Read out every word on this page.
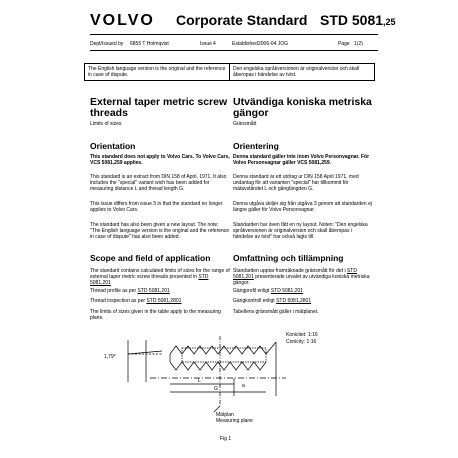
VOLVO Corporate Standard STD 5081,25
Dept/Issued by 6855 T Holmqvist	Issue 4	Established 2006-04 JOG	Page 1(2)
The English language version is the original and the reference in case of dispute.
Den engelska språkversionen är originalversion och skall åberopas i händelse av tvist.
External taper metric screw threads
Limits of sizes
Orientation
This standard does not apply to Volvo Cars. To Volvo Cars, VCS 5081,259 applies.
This standard is an extract from DIN 158 of April, 1971. It also includes the "special" variant wich has been added for measuring distance L and thread length G.
This issue differs from issue 3 in that the standard no longer applies to Volvo Cars.
The standard has also been given a new layout. The note: "The English language version is the original and the reference in case of dispute" has also been added.
Scope and field of application
The standard contains calculated limits of sizes for the range of external taper metric screw threads presented in STD 5081,201
Thread profile as per STD 5081,201
Thread inspection as per STD 5081,2801
The limits of sizes given in the table apply to the measuring plane.
Utvändiga koniska metriska gängor
Gränsmått
Orientering
Denna standard gäller inte inom Volvo Personvagnar. För Volvo Personvagnar gäller VCS 5081,259.
Denna standard är ett utdrag ur DIN 158 April 1971, med undantag för att varianten "special" har tillkommit för mätavståndet L och gänglängden G.
Denna utgåva skiljer sig från utgåva 3 genom att standarden ej längre gäller för Volvo Personvagnar.
Standarden har även fått en ny layout. Noten: "Den engelska språkversionen är originalversion och skall åberopas i händelse av tvist" har också lagts till.
Omfattning och tillämpning
Standarden upptar framräknade gränsmått för det i STD 5081,201 presenterade urvalet av utvändiga koniska metriska gängor.
Gängprofil enligt STD 5081,201
Gängkontroll enligt STD 5081,2801
Tabellens gränsmått gäller i mätplanet.
1,79°
Konicitet: 1:16
Conicity: 1:16
L
G	a
Mätplan
Measuring plane
Fig 1
